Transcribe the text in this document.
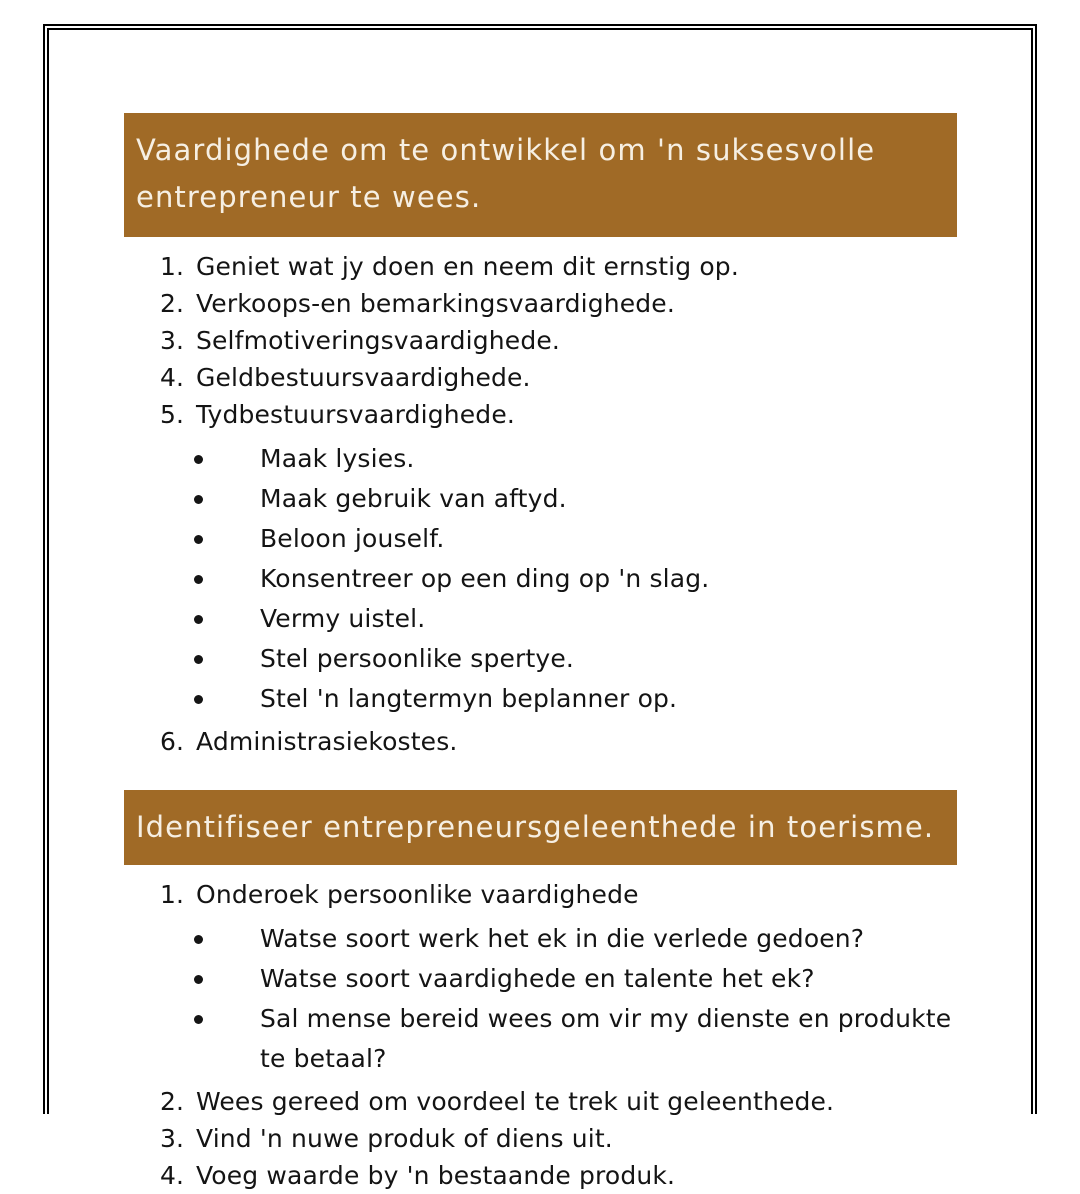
Vaardighede om te ontwikkel om 'n suksesvolle entrepreneur te wees.
1. Geniet wat jy doen en neem dit ernstig op.
2. Verkoops-en bemarkingsvaardighede.
3. Selfmotiveringsvaardighede.
4. Geldbestuursvaardighede.
5. Tydbestuursvaardighede.
Maak lysies.
Maak gebruik van aftyd.
Beloon jouself.
Konsentreer op een ding op 'n slag.
Vermy uistel.
Stel persoonlike spertye.
Stel 'n langtermyn beplanner op.
6. Administrasiekostes.
Identifiseer entrepreneursgeleenthede in toerisme.
1. Onderoek persoonlike vaardighede
Watse soort werk het ek in die verlede gedoen?
Watse soort vaardighede en talente het ek?
Sal mense bereid wees om vir my dienste en produkte te betaal?
2. Wees gereed om voordeel te trek uit geleenthede.
3. Vind 'n nuwe produk of diens uit.
4. Voeg waarde by 'n bestaande produk.
